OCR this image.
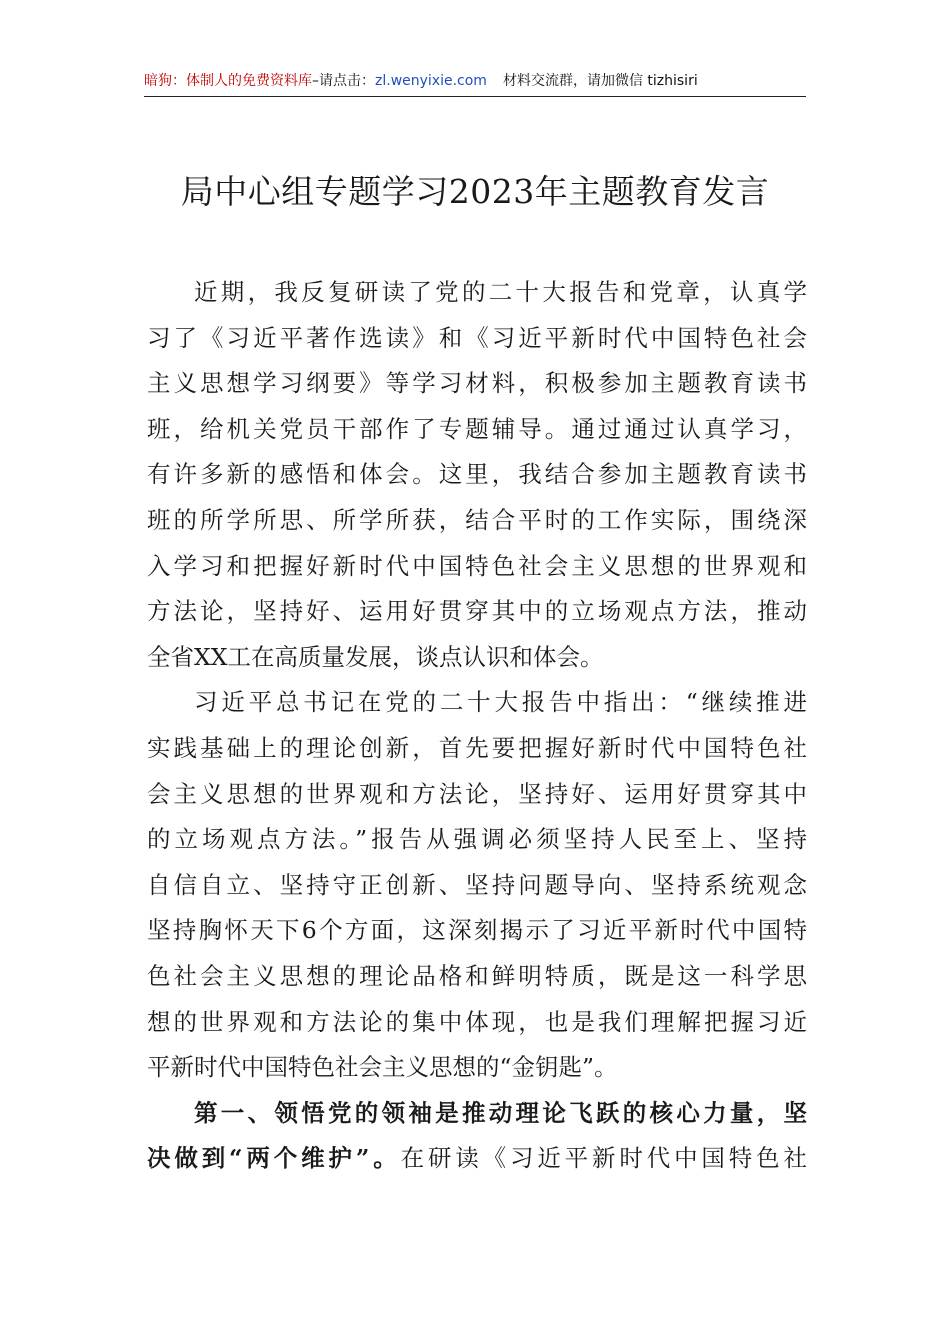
暗狗：体制人的免费资料库–请点击：zl.wenyixie.com 材料交流群，请加微信 tizhisiri
局中心组专题学习2023年主题教育发言
近期，我反复研读了党的二十大报告和党章，认真学
习了《习近平著作选读》和《习近平新时代中国特色社会
主义思想学习纲要》等学习材料，积极参加主题教育读书
班，给机关党员干部作了专题辅导。通过通过认真学习，
有许多新的感悟和体会。这里，我结合参加主题教育读书
班的所学所思、所学所获，结合平时的工作实际，围绕深
入学习和把握好新时代中国特色社会主义思想的世界观和
方法论，坚持好、运用好贯穿其中的立场观点方法，推动
全省XX工在高质量发展，谈点认识和体会。
习近平总书记在党的二十大报告中指出：“继续推进
实践基础上的理论创新，首先要把握好新时代中国特色社
会主义思想的世界观和方法论，坚持好、运用好贯穿其中
的立场观点方法。”报告从强调必须坚持人民至上、坚持
自信自立、坚持守正创新、坚持问题导向、坚持系统观念
坚持胸怀天下6个方面，这深刻揭示了习近平新时代中国特
色社会主义思想的理论品格和鲜明特质，既是这一科学思
想的世界观和方法论的集中体现，也是我们理解把握习近
平新时代中国特色社会主义思想的“金钥匙”。
第一、领悟党的领袖是推动理论飞跃的核心力量，坚
决做到“两个维护”。在研读《习近平新时代中国特色社
